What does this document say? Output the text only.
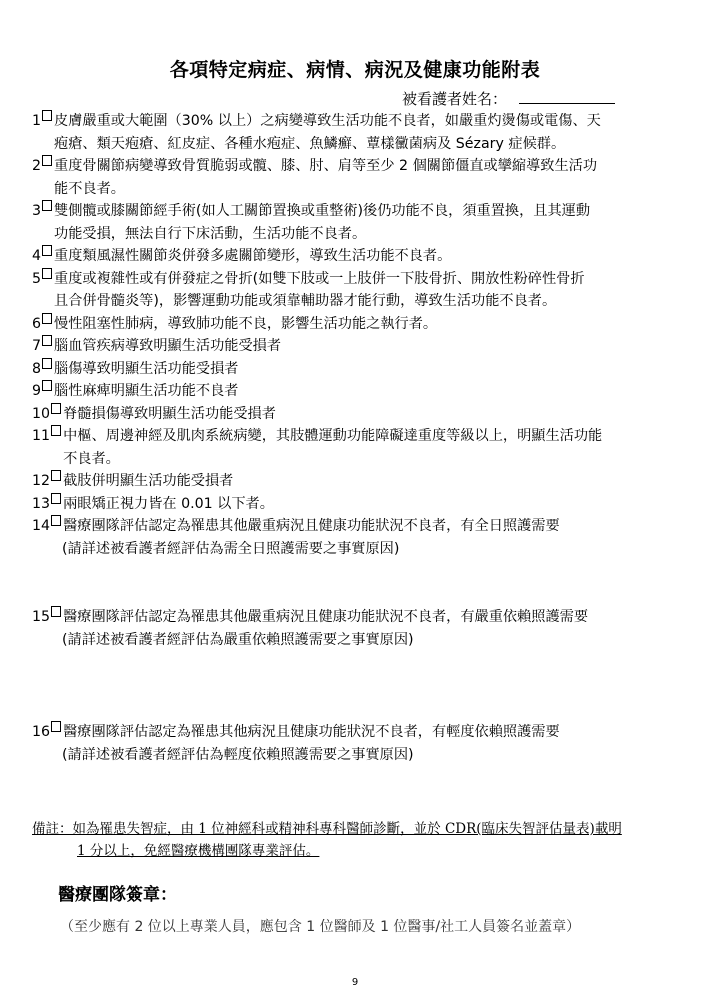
各項特定病症、病情、病況及健康功能附表
被看護者姓名：
1 皮膚嚴重或大範圍（30% 以上）之病變導致生活功能不良者，如嚴重灼燙傷或電傷、天
疱瘡、類天疱瘡、紅皮症、各種水疱症、魚鱗癬、蕈樣黴菌病及 Sézary 症候群。
2 重度骨關節病變導致骨質脆弱或髖、膝、肘、肩等至少 2 個關節僵直或攣縮導致生活功
能不良者。
3 雙側髖或膝關節經手術(如人工關節置換或重整術)後仍功能不良，須重置換，且其運動
功能受損，無法自行下床活動，生活功能不良者。
4 重度類風濕性關節炎併發多處關節變形，導致生活功能不良者。
5 重度或複雜性或有併發症之骨折(如雙下肢或一上肢併一下肢骨折、開放性粉碎性骨折
且合併骨髓炎等)，影響運動功能或須靠輔助器才能行動，導致生活功能不良者。
6 慢性阻塞性肺病，導致肺功能不良，影響生活功能之執行者。
7 腦血管疾病導致明顯生活功能受損者
8 腦傷導致明顯生活功能受損者
9 腦性麻痺明顯生活功能不良者
10 脊髓損傷導致明顯生活功能受損者
11 中樞、周邊神經及肌肉系統病變，其肢體運動功能障礙達重度等級以上，明顯生活功能
不良者。
12 截肢併明顯生活功能受損者
13 兩眼矯正視力皆在 0.01 以下者。
14 醫療團隊評估認定為罹患其他嚴重病況且健康功能狀況不良者，有全日照護需要
(請詳述被看護者經評估為需全日照護需要之事實原因)
15 醫療團隊評估認定為罹患其他嚴重病況且健康功能狀況不良者，有嚴重依賴照護需要
(請詳述被看護者經評估為嚴重依賴照護需要之事實原因)
16 醫療團隊評估認定為罹患其他病況且健康功能狀況不良者，有輕度依賴照護需要
(請詳述被看護者經評估為輕度依賴照護需要之事實原因)
備註：如為罹患失智症，由 1 位神經科或精神科專科醫師診斷，並於 CDR(臨床失智評估量表)載明
1 分以上，免經醫療機構團隊專業評估。
醫療團隊簽章：
（至少應有 2 位以上專業人員，應包含 1 位醫師及 1 位醫事/社工人員簽名並蓋章）
9
